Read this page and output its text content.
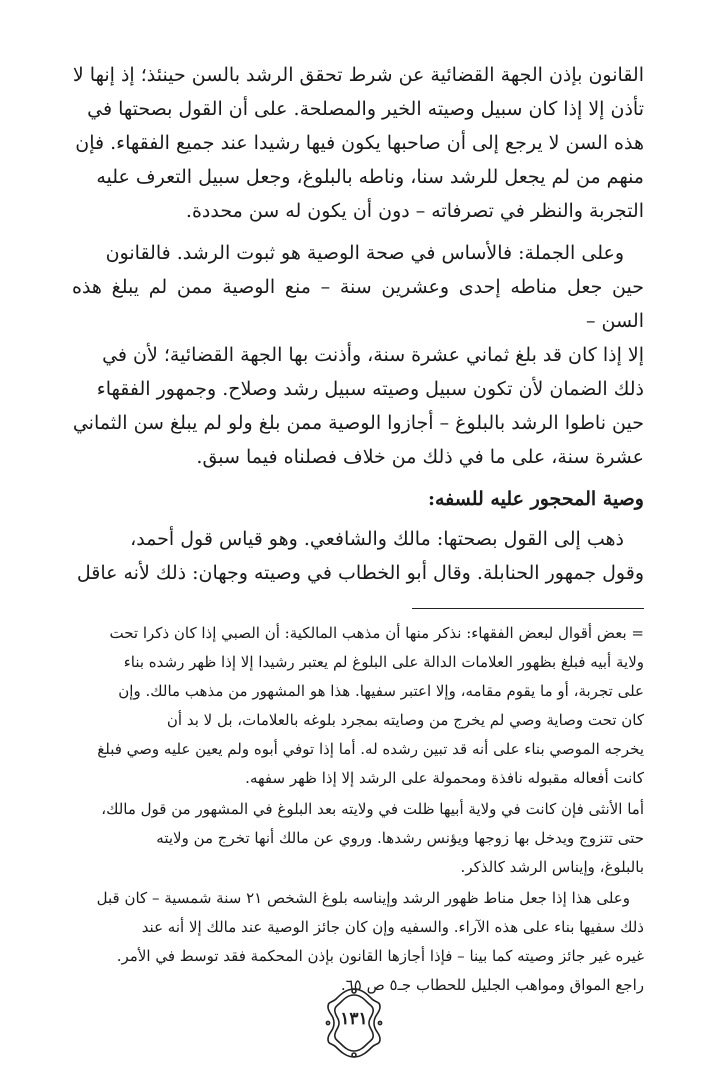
القانون بإذن الجهة القضائية عن شرط تحقق الرشد بالسن حينئذ؛ إذ إنها لا

تأذن إلا إذا كان سبيل وصيته الخير والمصلحة. على أن القول بصحتها في

هذه السن لا يرجع إلى أن صاحبها يكون فيها رشيدا عند جميع الفقهاء. فإن

منهم من لم يجعل للرشد سنا، وناطه بالبلوغ، وجعل سبيل التعرف عليه

التجربة والنظر في تصرفاته – دون أن يكون له سن محددة.

وعلى الجملة: فالأساس في صحة الوصية هو ثبوت الرشد. فالقانون

حين جعل مناطه إحدى وعشرين سنة – منع الوصية ممن لم يبلغ هذه السن –

إلا إذا كان قد بلغ ثماني عشرة سنة، وأذنت بها الجهة القضائية؛ لأن في

ذلك الضمان لأن تكون سبيل وصيته سبيل رشد وصلاح. وجمهور الفقهاء

حين ناطوا الرشد بالبلوغ – أجازوا الوصية ممن بلغ ولو لم يبلغ سن الثماني

عشرة سنة، على ما في ذلك من خلاف فصلناه فيما سبق.

وصية المحجور عليه للسفه:

ذهب إلى القول بصحتها: مالك والشافعي. وهو قياس قول أحمد،

وقول جمهور الحنابلة. وقال أبو الخطاب في وصيته وجهان: ذلك لأنه عاقل

= بعض أقوال لبعض الفقهاء: نذكر منها أن مذهب المالكية: أن الصبي إذا كان ذكرا تحت

ولاية أبيه فبلغ بظهور العلامات الدالة على البلوغ لم يعتبر رشيدا إلا إذا ظهر رشده بناء

على تجربة، أو ما يقوم مقامه، وإلا اعتبر سفيها. هذا هو المشهور من مذهب مالك. وإن

كان تحت وصاية وصي لم يخرج من وصايته بمجرد بلوغه بالعلامات، بل لا بد أن

يخرجه الموصي بناء على أنه قد تبين رشده له. أما إذا توفي أبوه ولم يعين عليه وصي فبلغ

كانت أفعاله مقبوله نافذة ومحمولة على الرشد إلا إذا ظهر سفهه.

أما الأنثى فإن كانت في ولاية أبيها ظلت في ولايته بعد البلوغ في المشهور من قول مالك،

حتى تتزوج ويدخل بها زوجها ويؤنس رشدها. وروي عن مالك أنها تخرج من ولايته

بالبلوغ، وإيناس الرشد كالذكر.

وعلى هذا إذا جعل مناط ظهور الرشد وإيناسه بلوغ الشخص ٢١ سنة شمسية – كان قبل

ذلك سفيها بناء على هذه الآراء. والسفيه وإن كان جائز الوصية عند مالك إلا أنه عند

غيره غير جائز وصيته كما بينا – فإذا أجازها القانون بإذن المحكمة فقد توسط في الأمر.

راجع المواق ومواهب الجليل للحطاب جـ٥ ص ٦٥.

١٣١
